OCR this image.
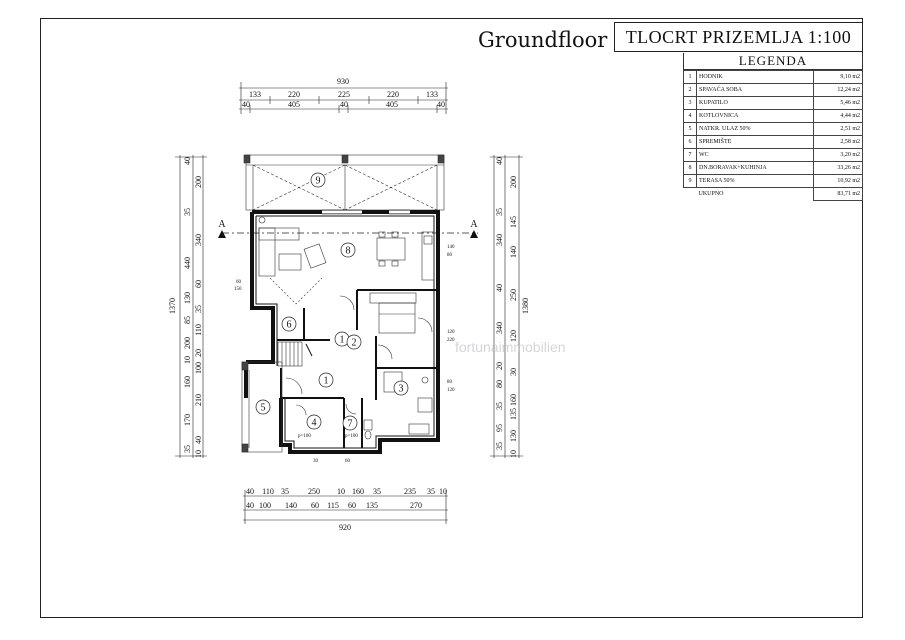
Groundfloor	TLOCRT PRIZEMLJA 1:100
LEGENDA
1	HODNIK	9,10 m2
2	SPAVAĆA SOBA	12,24 m2
3	KUPATILO	5,46 m2
4	KOTLOVNICA	4,44 m2
5	NATKR. ULAZ 50%	2,51 m2
6	SPREMIŠTE	2,58 m2
7	WC	3,20 m2
8	DN.BORAVAK+KUHINJA	33,26 m2
9	TERASA 50%	10,92 m2
	UKUPNO	83,71 m2
930
133	220	225	220	133
40	405	40	405	40
1370
40
200
35
340
440
60
130
35
85
110
200
20
10
100
160
210
170
40
35
10
1380
40
200
35
145
340
140
40
250
340
120
20
30
80
160
35
135
95
130
35
10
40 110 35 250 10 160 35	235 35 10
40 100 140 60 115 60 135	270
920
A	A
9
8
6
1 2
1
3
4	7
5
140
80
120
220
80
120
60
150
p=100	p=100
30	60
fortunaimmobilien
